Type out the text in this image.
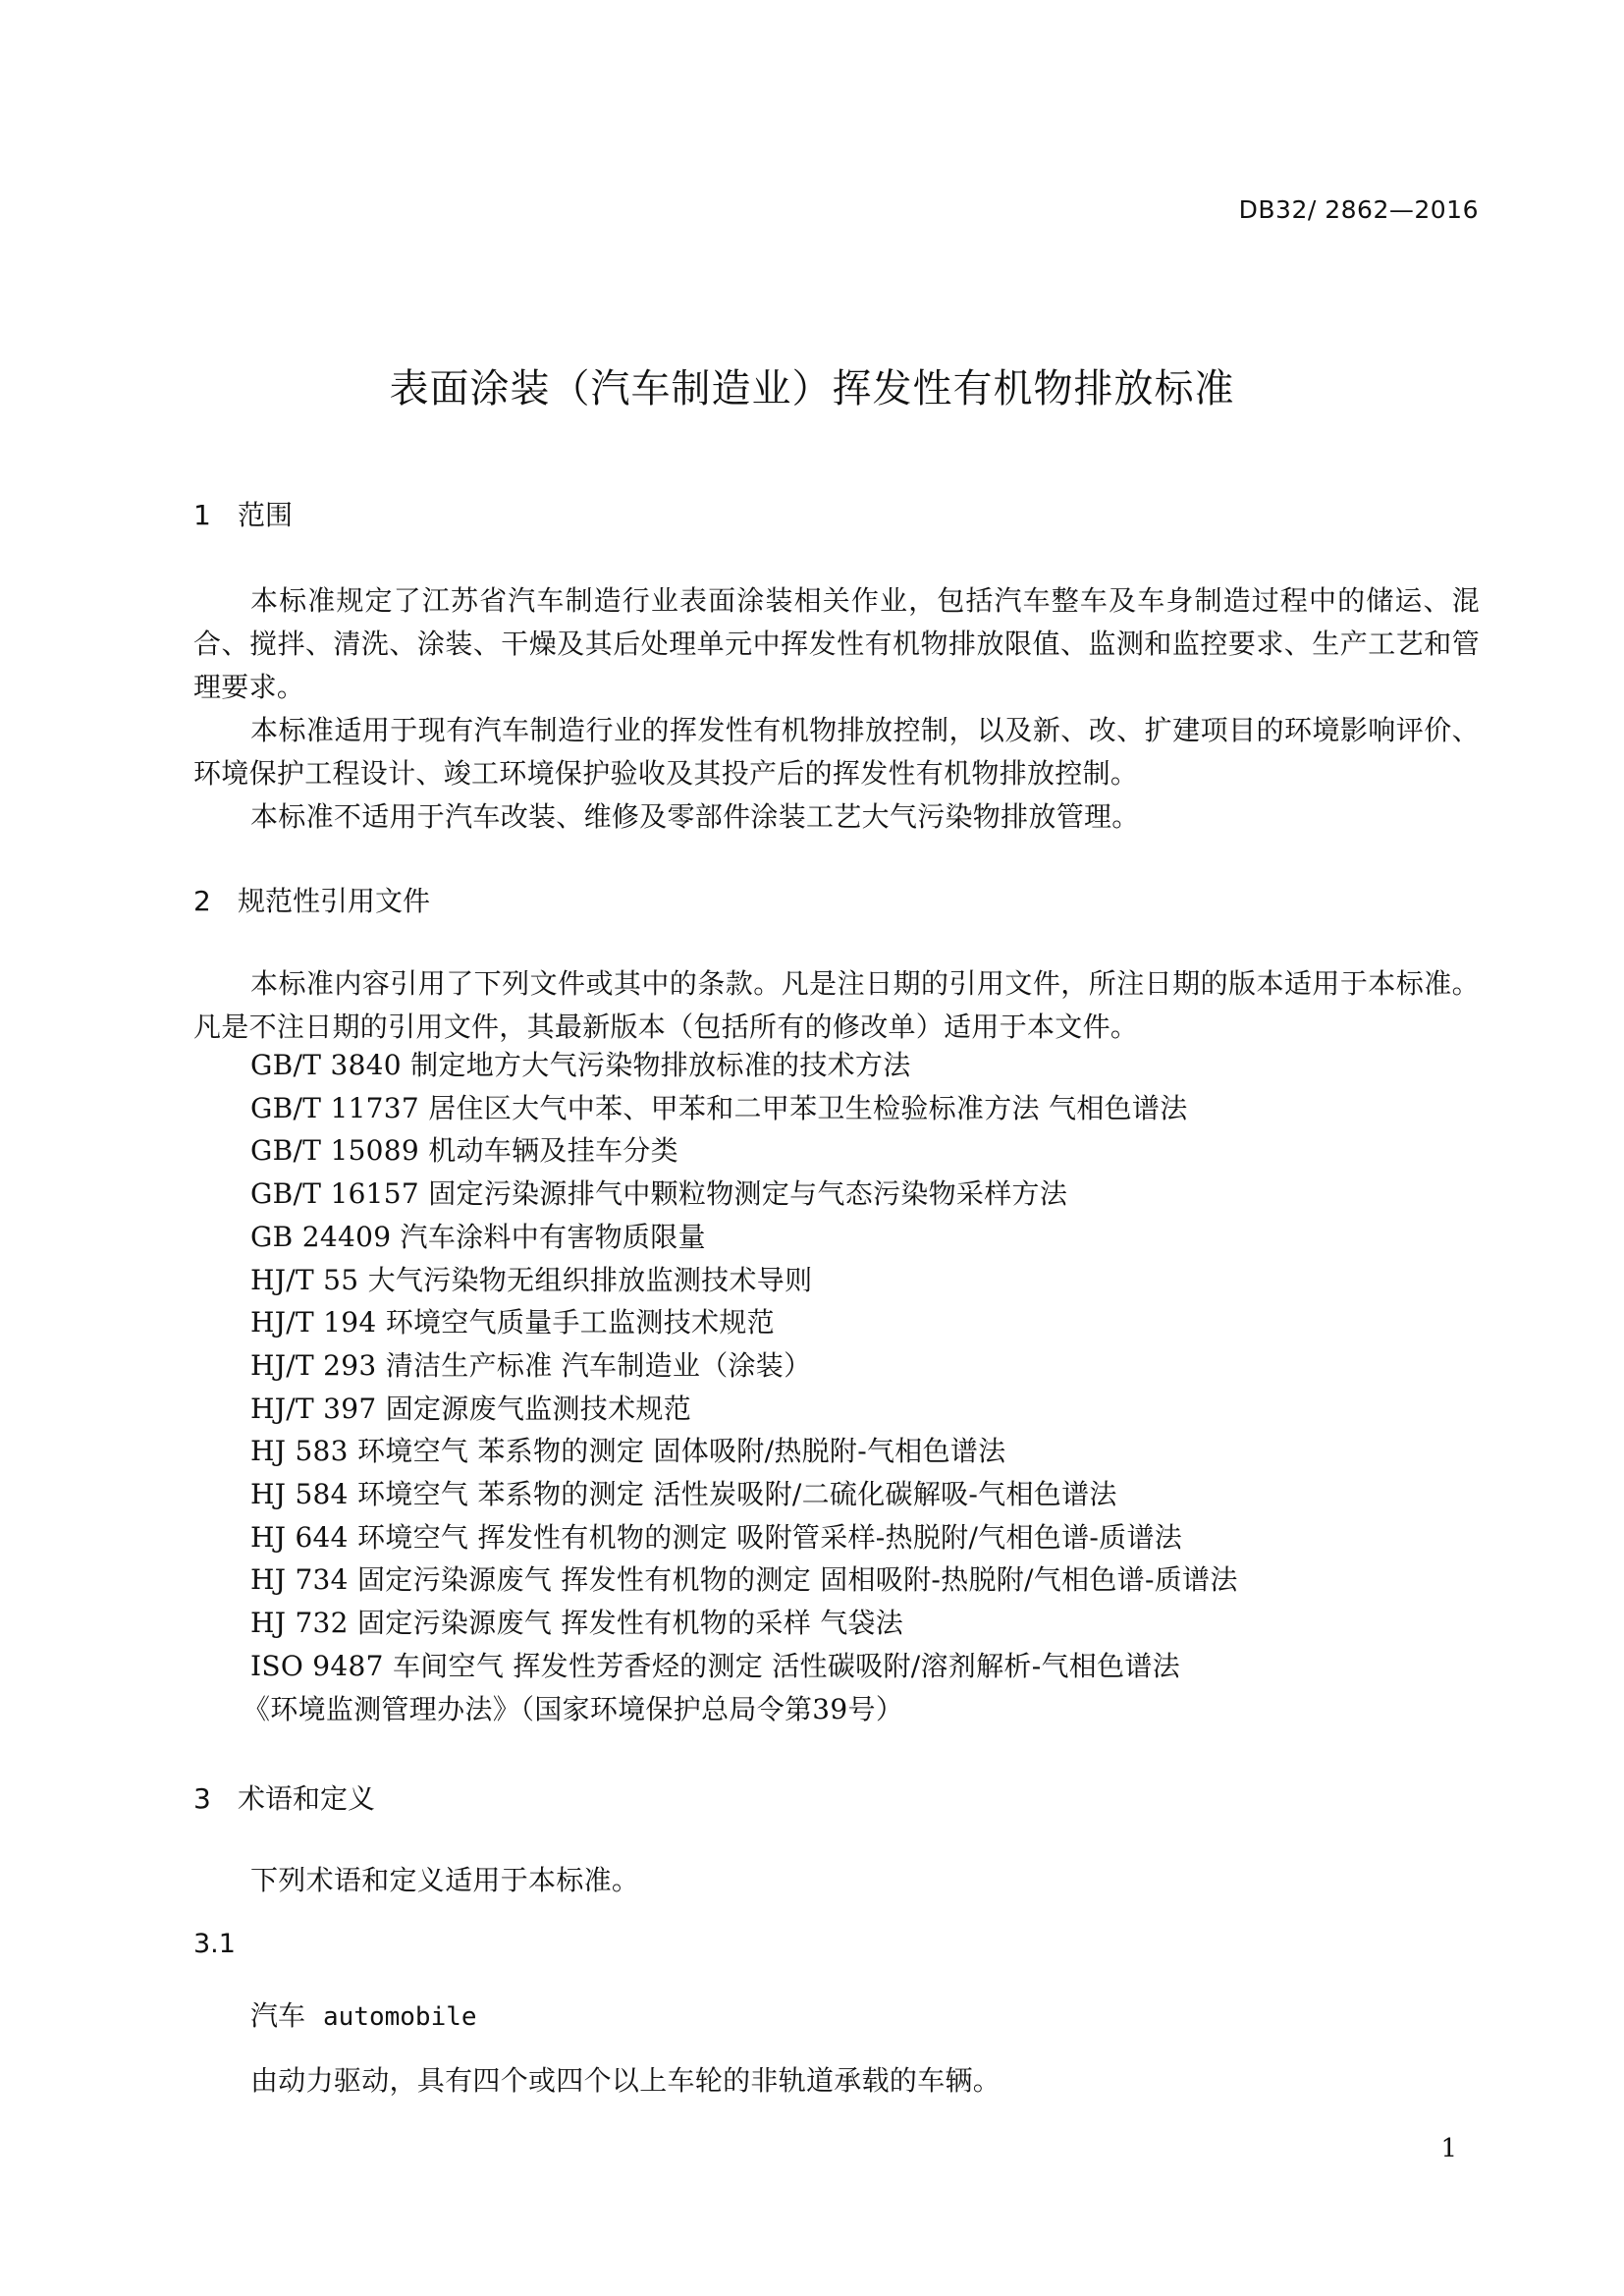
DB32/ 2862—2016
表面涂装（汽车制造业）挥发性有机物排放标准
1 范围
本标准规定了江苏省汽车制造行业表面涂装相关作业，包括汽车整车及车身制造过程中的储运、混合、搅拌、清洗、涂装、干燥及其后处理单元中挥发性有机物排放限值、监测和监控要求、生产工艺和管理要求。
本标准适用于现有汽车制造行业的挥发性有机物排放控制，以及新、改、扩建项目的环境影响评价、环境保护工程设计、竣工环境保护验收及其投产后的挥发性有机物排放控制。
本标准不适用于汽车改装、维修及零部件涂装工艺大气污染物排放管理。
2 规范性引用文件
本标准内容引用了下列文件或其中的条款。凡是注日期的引用文件，所注日期的版本适用于本标准。凡是不注日期的引用文件，其最新版本（包括所有的修改单）适用于本文件。
GB/T 3840 制定地方大气污染物排放标准的技术方法
GB/T 11737 居住区大气中苯、甲苯和二甲苯卫生检验标准方法 气相色谱法
GB/T 15089 机动车辆及挂车分类
GB/T 16157 固定污染源排气中颗粒物测定与气态污染物采样方法
GB 24409 汽车涂料中有害物质限量
HJ/T 55 大气污染物无组织排放监测技术导则
HJ/T 194 环境空气质量手工监测技术规范
HJ/T 293 清洁生产标准 汽车制造业（涂装）
HJ/T 397 固定源废气监测技术规范
HJ 583 环境空气 苯系物的测定 固体吸附/热脱附-气相色谱法
HJ 584 环境空气 苯系物的测定 活性炭吸附/二硫化碳解吸-气相色谱法
HJ 644 环境空气 挥发性有机物的测定 吸附管采样-热脱附/气相色谱-质谱法
HJ 734 固定污染源废气 挥发性有机物的测定 固相吸附-热脱附/气相色谱-质谱法
HJ 732 固定污染源废气 挥发性有机物的采样 气袋法
ISO 9487 车间空气 挥发性芳香烃的测定 活性碳吸附/溶剂解析-气相色谱法
《环境监测管理办法》（国家环境保护总局令第39号）
3 术语和定义
下列术语和定义适用于本标准。
3.1
汽车 automobile
由动力驱动，具有四个或四个以上车轮的非轨道承载的车辆。
1
